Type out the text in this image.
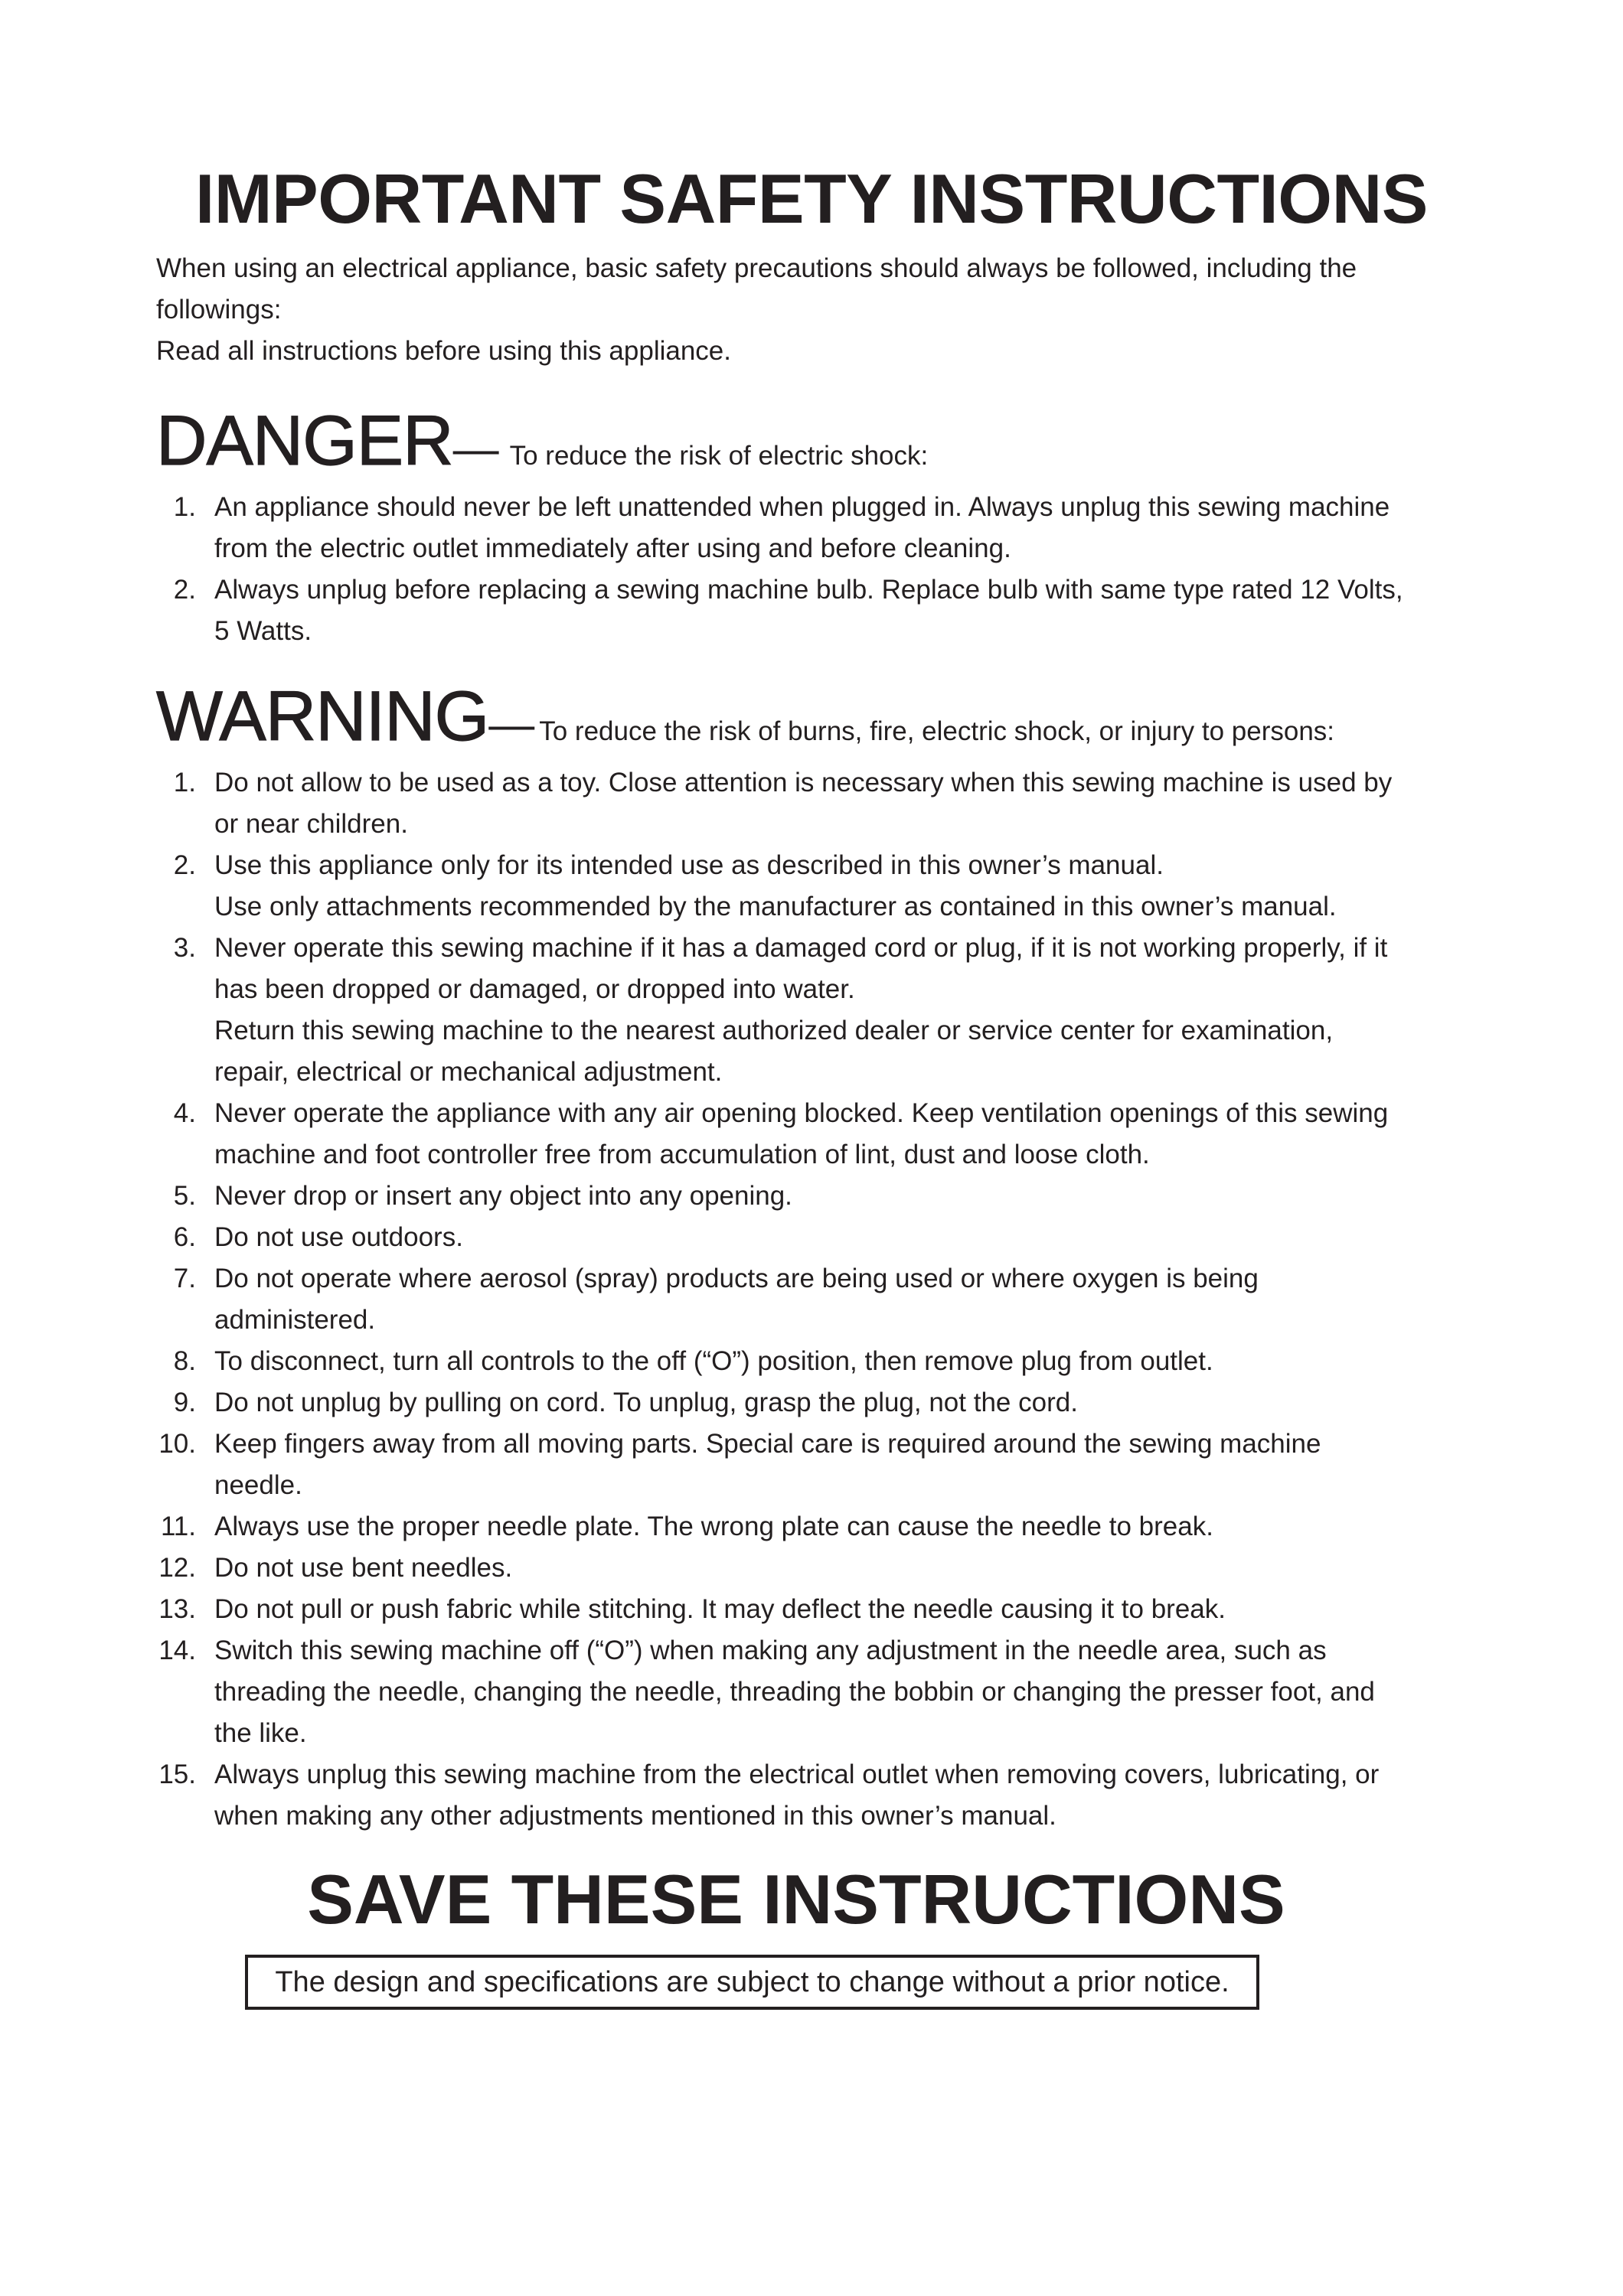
IMPORTANT SAFETY INSTRUCTIONS

When using an electrical appliance, basic safety precautions should always be followed, including the

followings:

Read all instructions before using this appliance.

DANGER— To reduce the risk of electric shock:
1. An appliance should never be left unattended when plugged in. Always unplug this sewing machine
from the electric outlet immediately after using and before cleaning.
2. Always unplug before replacing a sewing machine bulb. Replace bulb with same type rated 12 Volts,
5 Watts.
WARNING— To reduce the risk of burns, fire, electric shock, or injury to persons:
1. Do not allow to be used as a toy. Close attention is necessary when this sewing machine is used by
or near children.
2. Use this appliance only for its intended use as described in this owner’s manual.
Use only attachments recommended by the manufacturer as contained in this owner’s manual.
3. Never operate this sewing machine if it has a damaged cord or plug, if it is not working properly, if it
has been dropped or damaged, or dropped into water.
Return this sewing machine to the nearest authorized dealer or service center for examination,
repair, electrical or mechanical adjustment.
4. Never operate the appliance with any air opening blocked. Keep ventilation openings of this sewing
machine and foot controller free from accumulation of lint, dust and loose cloth.
5. Never drop or insert any object into any opening.
6. Do not use outdoors.
7. Do not operate where aerosol (spray) products are being used or where oxygen is being
administered.
8. To disconnect, turn all controls to the off (“O”) position, then remove plug from outlet.
9. Do not unplug by pulling on cord. To unplug, grasp the plug, not the cord.
10. Keep fingers away from all moving parts. Special care is required around the sewing machine
needle.
11. Always use the proper needle plate. The wrong plate can cause the needle to break.
12. Do not use bent needles.
13. Do not pull or push fabric while stitching. It may deflect the needle causing it to break.
14. Switch this sewing machine off (“O”) when making any adjustment in the needle area, such as
threading the needle, changing the needle, threading the bobbin or changing the presser foot, and
the like.
15. Always unplug this sewing machine from the electrical outlet when removing covers, lubricating, or
when making any other adjustments mentioned in this owner’s manual.
SAVE THESE INSTRUCTIONS
The design and specifications are subject to change without a prior notice.
